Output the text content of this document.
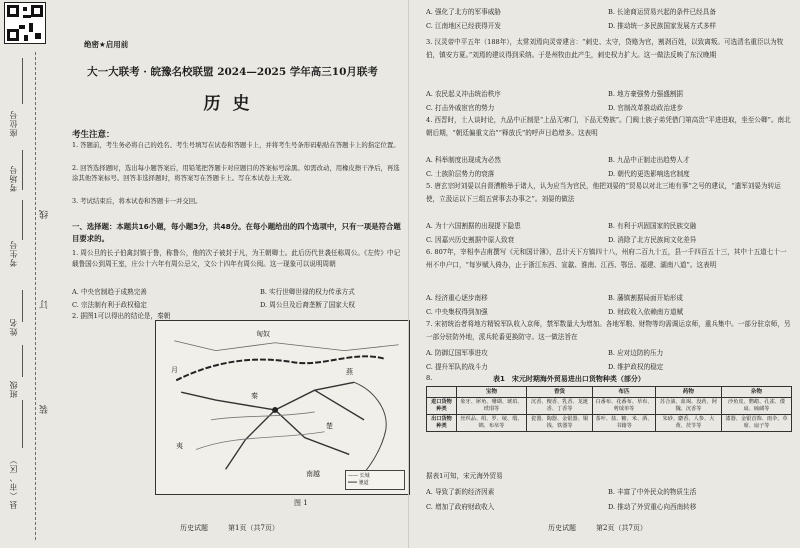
座位号
考场号
考生号
姓名
班级
县（市、区）
线
订
装
绝密★启用前
大一大联考 · 皖豫名校联盟 2024—2025 学年高三10月联考
历史
考生注意：
1. 答题前，考生务必将自己的姓名、考生号填写在试卷和答题卡上，并将考生号条形码粘贴在答题卡上的指定位置。
2. 回答选择题时，选出每小题答案后，用铅笔把答题卡对应题目的答案标号涂黑。如需改动，用橡皮擦干净后，再选涂其他答案标号。回答非选择题时，将答案写在答题卡上。写在本试卷上无效。
3. 考试结束后，将本试卷和答题卡一并交回。
一、选择题：本题共16小题，每小题3分，共48分。在每小题给出的四个选项中，只有一项是符合题目要求的。
1. 周公旦的长子伯禽封镇于鲁，称鲁公，他的次子被封于凡，为王朝卿士。此后历代世袭任称周公。《左传》中记载鲁国公到周王室，庄公十六年有周公忌父，文公十四年有周公阅。这一现象可以说明周朝
A. 中央官制趋于成熟完善	B. 实行世卿世禄的权力传承方式
C. 宗法制有利于政权稳定	D. 周公旦及后裔垄断了国家大权
2. 据图1可以得出的结论是，秦朝
匈奴
月
南越
夷
楚
秦
燕
—— 长城
═══ 驰道
图 1
历史试题	第1页（共7页）
A. 强化了北方的军事威胁	B. 长途商运贸易兴起的条件已经具备
C. 江南地区已经获得开发	D. 推动统一多民族国家发展方式多样
3. 汉灵帝中平五年（188年），太常刘焉向灵帝建言：“刺史、太守，贷赂为官，割剥百姓，以致离叛。可选清名重臣以为牧伯，镇安方夏。”刘焉的建议得到采纳。于是州牧由此产生，刺史权力扩大。这一做法反映了东汉晚期
A. 农民起义冲击统治秩序	B. 地方豪强势力强盛割据
C. 打击外戚宦官的势力	D. 官制改革推动政治进步
4. 西晋时，士人谈时论，九品中正制是“上品无寒门，下品无势族”。门阀士族子弟凭借门第高贵“平进进取，坐至公卿”。南北朝后期，“朝廷偏重文治”“释放氏”的呼声日趋增多。这表明
A. 科举制度出现成为必然	B. 九品中正制走出趋势人才
C. 士族阶层势力的衰落	D. 朝代的更迭影响选官制度
5. 唐玄宗时刘晏以自督漕粮举于诸人，认为应当为官民，他把刘晏的“贸易以对北三地有事”之号的建议，“遣军刘晏为转运使，立汲运以下三组五营事去办事之”。刘晏的做法
A. 为十六国割据的出现提下隐患	B. 有利于巩固国家的民族交融
C. 因嘉兴历史割据中原人致衰	D. 消除了北方民族间文化差异
6. 807年，宰相李吉甫撰写《元和国计簿》，总计天下方镇四十八，州府二百九十五，县一千四百五十三，其中十五道七十一州不申户口，“每岁赋入倚办，止于浙江东西、宣歙、淮南、江西、鄂岳、福建、湖南八道”。这表明
A. 经济重心逐步南移	B. 藩镇割据局面开始形成
C. 中央集权得到加强	D. 财政收入依赖南方道赋
7. 宋初统治者将地方精锐军队收入京师，禁军数量大为增加。各地军粮、财物等均需调运京师，重兵集中。一部分驻京师，另一部分驻防外地，派兵轮番更换防守。这一做法旨在
A. 防御辽国军事进攻	B. 应对边防的压力
C. 提升军队的战斗力	D. 维护政权的稳定
8.	表1　宋元时期海外贸易进出口货物种类（部分）
	宝物	香货	布匹	药物	杂物
进口货物种类	象牙、犀角、珊瑚、琥珀、玳瑁等	沉香、檀香、乳香、龙涎香、丁香等	白番布、花番布、草布、剪绒单等	苏合油、血竭、没药、阿魏、沉香等	沙鱼皮、鹦鹉、孔雀、倭扇、硫磺等
出口货物种类	丝织品、绢、罗、绫、缎、锦、布帛等	瓷器、陶器、金银器、铜钱、铁器等	茶叶、盐、糖、米、酒、书籍等	朱砂、麝香、人参、大黄、茯苓等	漆器、金银首饰、雨伞、草席、扇子等
据表1可知，宋元海外贸易
A. 导致了新的经济因素	B. 丰富了中外民众的物质生活
C. 增加了政府财政收入	D. 推动了外贸重心向西南转移
历史试题	第2页（共7页）
